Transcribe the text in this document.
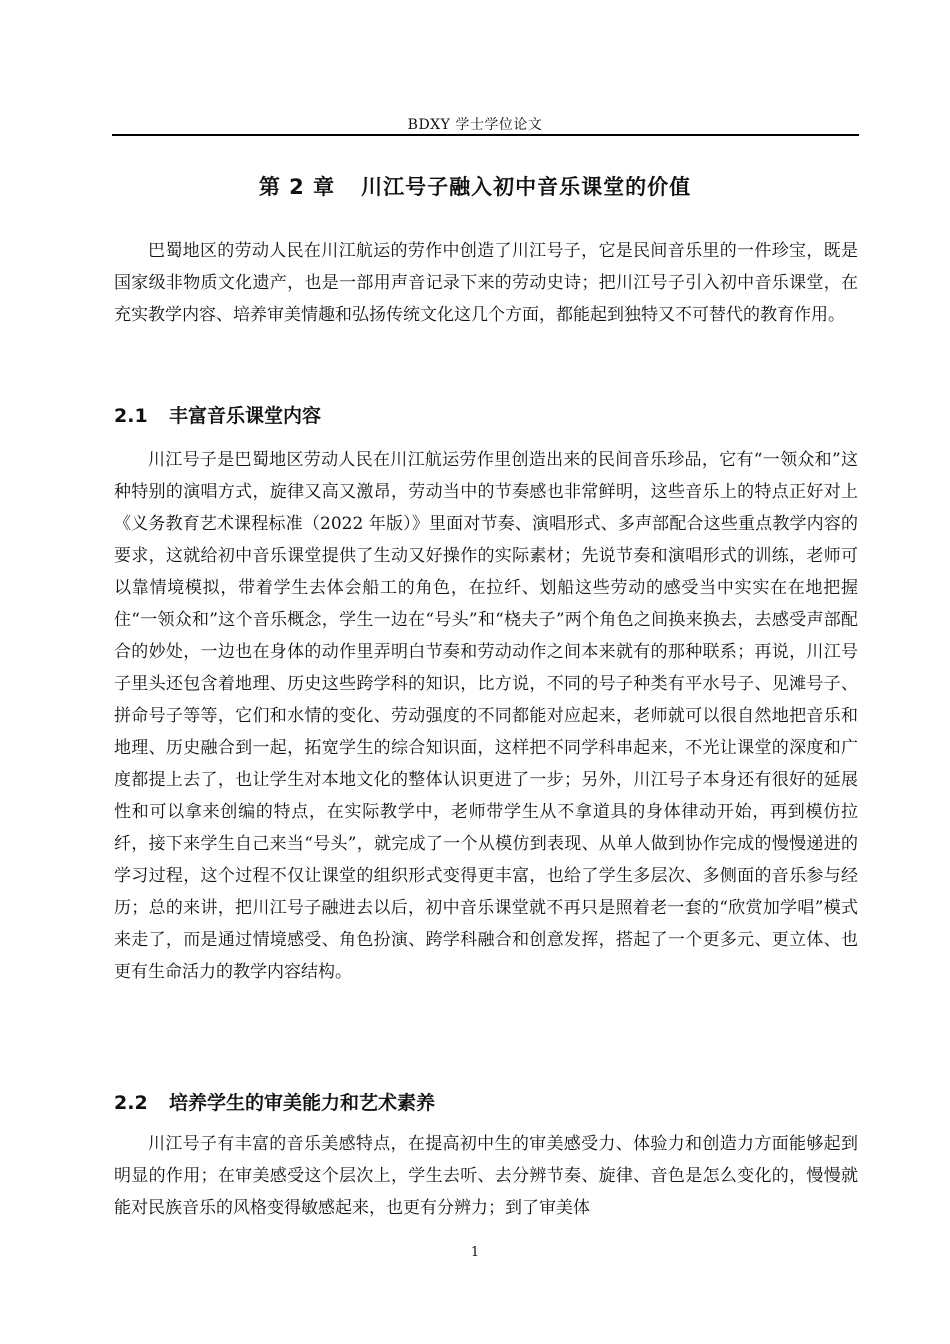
BDXY 学士学位论文
第 2 章 川江号子融入初中音乐课堂的价值

巴蜀地区的劳动人民在川江航运的劳作中创造了川江号子，它是民间音乐里的一件珍宝，既是国家级非物质文化遗产，也是一部用声音记录下来的劳动史诗；把川江号子引入初中音乐课堂，在充实教学内容、培养审美情趣和弘扬传统文化这几个方面，都能起到独特又不可替代的教育作用。

2.1 丰富音乐课堂内容

川江号子是巴蜀地区劳动人民在川江航运劳作里创造出来的民间音乐珍品，它有“一领众和”这种特别的演唱方式，旋律又高又激昂，劳动当中的节奏感也非常鲜明，这些音乐上的特点正好对上《义务教育艺术课程标准（2022 年版）》里面对节奏、演唱形式、多声部配合这些重点教学内容的要求，这就给初中音乐课堂提供了生动又好操作的实际素材；先说节奏和演唱形式的训练，老师可以靠情境模拟，带着学生去体会船工的角色，在拉纤、划船这些劳动的感受当中实实在在地把握住“一领众和”这个音乐概念，学生一边在“号头”和“桡夫子”两个角色之间换来换去，去感受声部配合的妙处，一边也在身体的动作里弄明白节奏和劳动动作之间本来就有的那种联系；再说，川江号子里头还包含着地理、历史这些跨学科的知识，比方说，不同的号子种类有平水号子、见滩号子、拼命号子等等，它们和水情的变化、劳动强度的不同都能对应起来，老师就可以很自然地把音乐和地理、历史融合到一起，拓宽学生的综合知识面，这样把不同学科串起来，不光让课堂的深度和广度都提上去了，也让学生对本地文化的整体认识更进了一步；另外，川江号子本身还有很好的延展性和可以拿来创编的特点，在实际教学中，老师带学生从不拿道具的身体律动开始，再到模仿拉纤，接下来学生自己来当“号头”，就完成了一个从模仿到表现、从单人做到协作完成的慢慢递进的学习过程，这个过程不仅让课堂的组织形式变得更丰富，也给了学生多层次、多侧面的音乐参与经历；总的来讲，把川江号子融进去以后，初中音乐课堂就不再只是照着老一套的“欣赏加学唱”模式来走了，而是通过情境感受、角色扮演、跨学科融合和创意发挥，搭起了一个更多元、更立体、也更有生命活力的教学内容结构。

2.2 培养学生的审美能力和艺术素养

川江号子有丰富的音乐美感特点，在提高初中生的审美感受力、体验力和创造力方面能够起到明显的作用；在审美感受这个层次上，学生去听、去分辨节奏、旋律、音色是怎么变化的，慢慢就能对民族音乐的风格变得敏感起来，也更有分辨力；到了审美体

1
